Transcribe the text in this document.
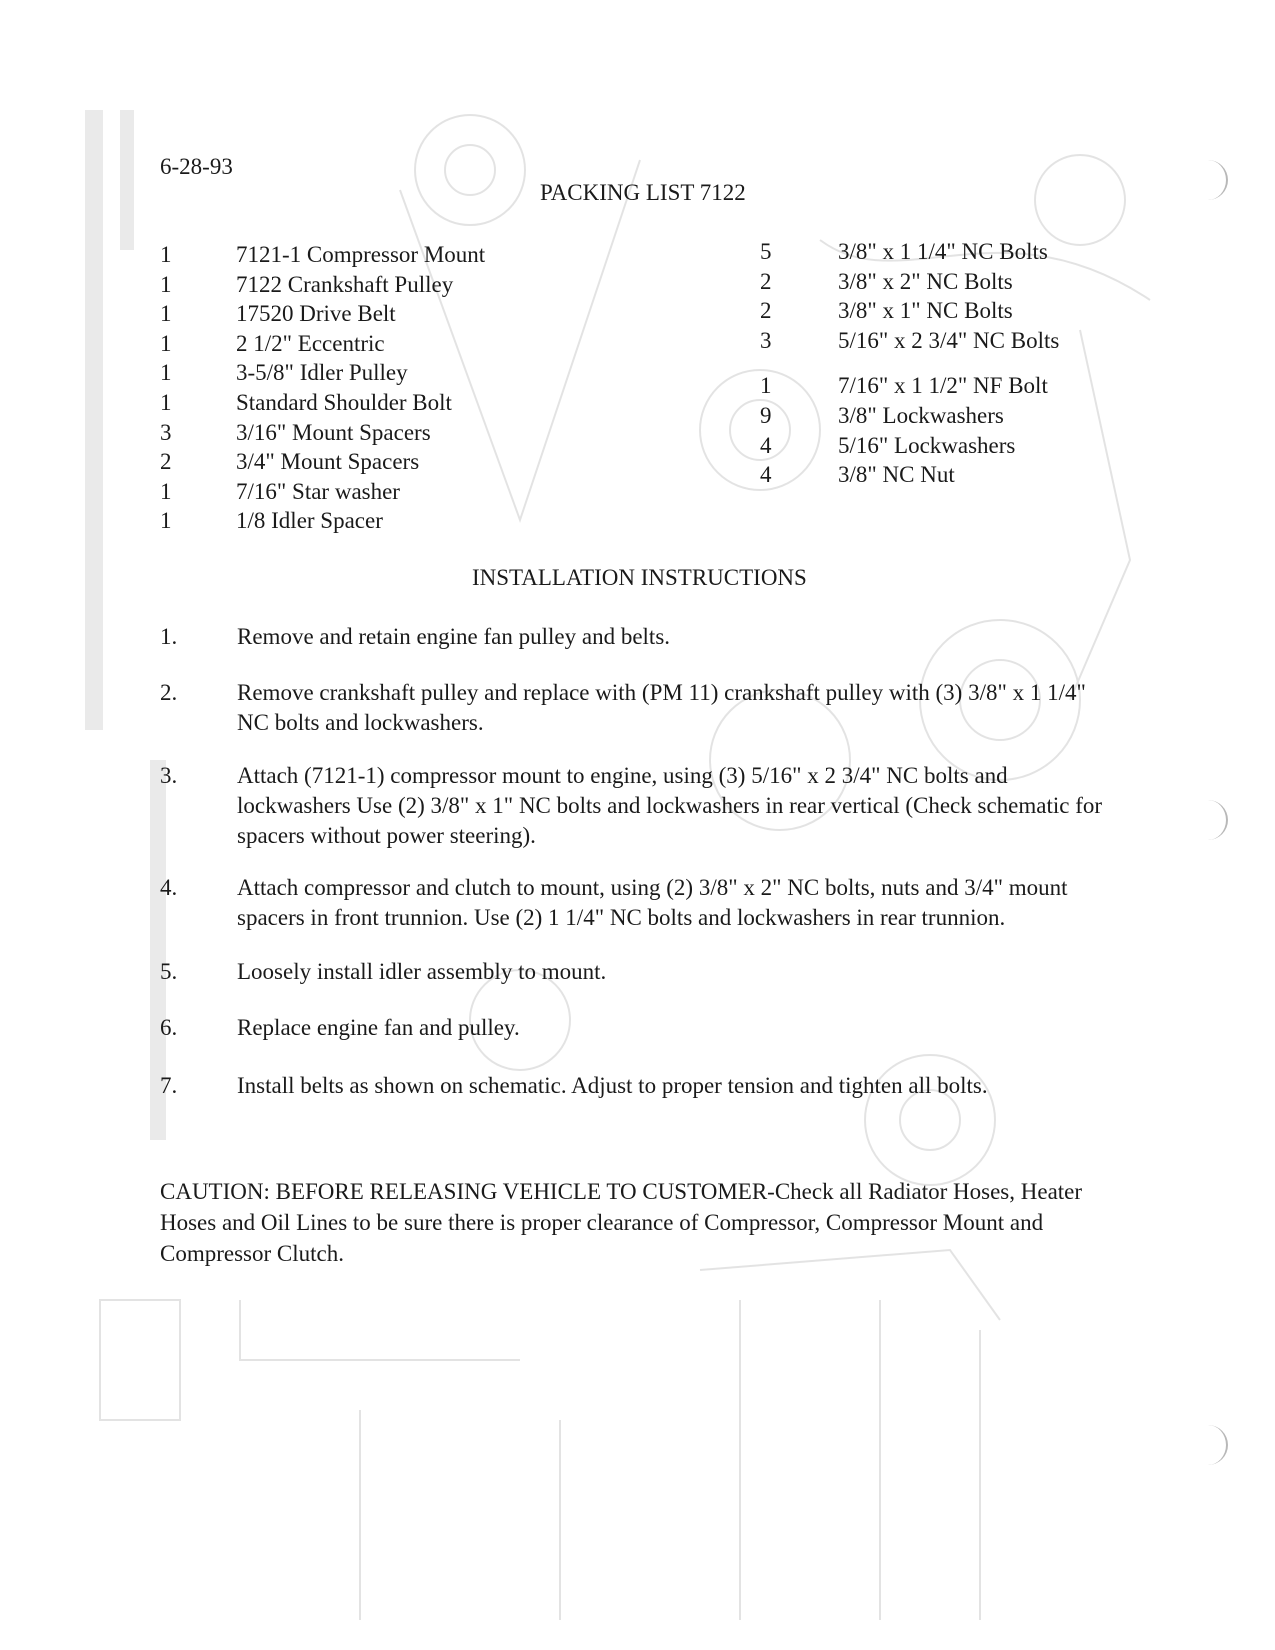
6-28-93
PACKING LIST 7122
1	7121-1 Compressor Mount
1	7122 Crankshaft Pulley
1	17520 Drive Belt
1	2 1/2" Eccentric
1	3-5/8" Idler Pulley
1	Standard Shoulder Bolt
3	3/16" Mount Spacers
2	3/4" Mount Spacers
1	7/16" Star washer
1	1/8 Idler Spacer
5	3/8" x 1 1/4" NC Bolts
2	3/8" x 2" NC Bolts
2	3/8" x 1" NC Bolts
3	5/16" x 2 3/4" NC Bolts
1	7/16" x 1 1/2" NF Bolt
9	3/8" Lockwashers
4	5/16" Lockwashers
4	3/8" NC Nut
INSTALLATION INSTRUCTIONS
1.	Remove and retain engine fan pulley and belts.
2.	Remove crankshaft pulley and replace with (PM 11) crankshaft pulley with (3) 3/8" x 1 1/4" NC bolts and lockwashers.
3.	Attach (7121-1) compressor mount to engine, using (3) 5/16" x 2 3/4" NC bolts and lockwashers Use (2) 3/8" x 1" NC bolts and lockwashers in rear vertical (Check schematic for spacers without power steering).
4.	Attach compressor and clutch to mount, using (2) 3/8" x 2" NC bolts, nuts and 3/4" mount spacers in front trunnion. Use (2) 1 1/4" NC bolts and lockwashers in rear trunnion.
5.	Loosely install idler assembly to mount.
6.	Replace engine fan and pulley.
7.	Install belts as shown on schematic. Adjust to proper tension and tighten all bolts.
CAUTION: BEFORE RELEASING VEHICLE TO CUSTOMER-Check all Radiator Hoses, Heater Hoses and Oil Lines to be sure there is proper clearance of Compressor, Compressor Mount and Compressor Clutch.
